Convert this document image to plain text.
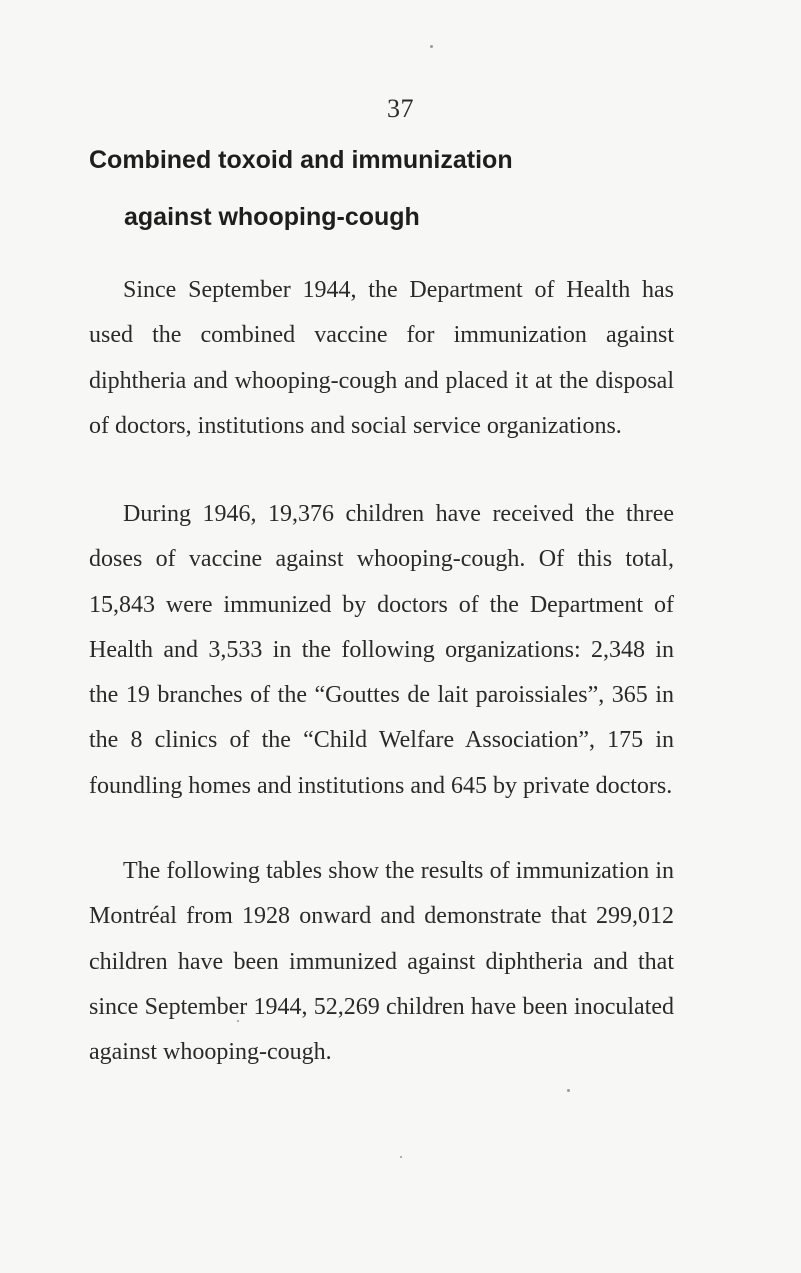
37
Combined toxoid and immunization
against whooping-cough

Since September 1944, the Department of Health has used the combined vaccine for immunization against diphtheria and whooping-cough and placed it at the disposal of doctors, institutions and social service organizations.

During 1946, 19,376 children have received the three doses of vaccine against whooping-cough. Of this total, 15,843 were immunized by doctors of the Department of Health and 3,533 in the following organizations: 2,348 in the 19 branches of the “Gouttes de lait paroissiales”, 365 in the 8 clinics of the “Child Welfare Association”, 175 in foundling homes and institutions and 645 by private doctors.

The following tables show the results of immunization in Montréal from 1928 onward and demonstrate that 299,012 children have been immunized against diphtheria and that since September 1944, 52,269 children have been inoculated against whooping-cough.
